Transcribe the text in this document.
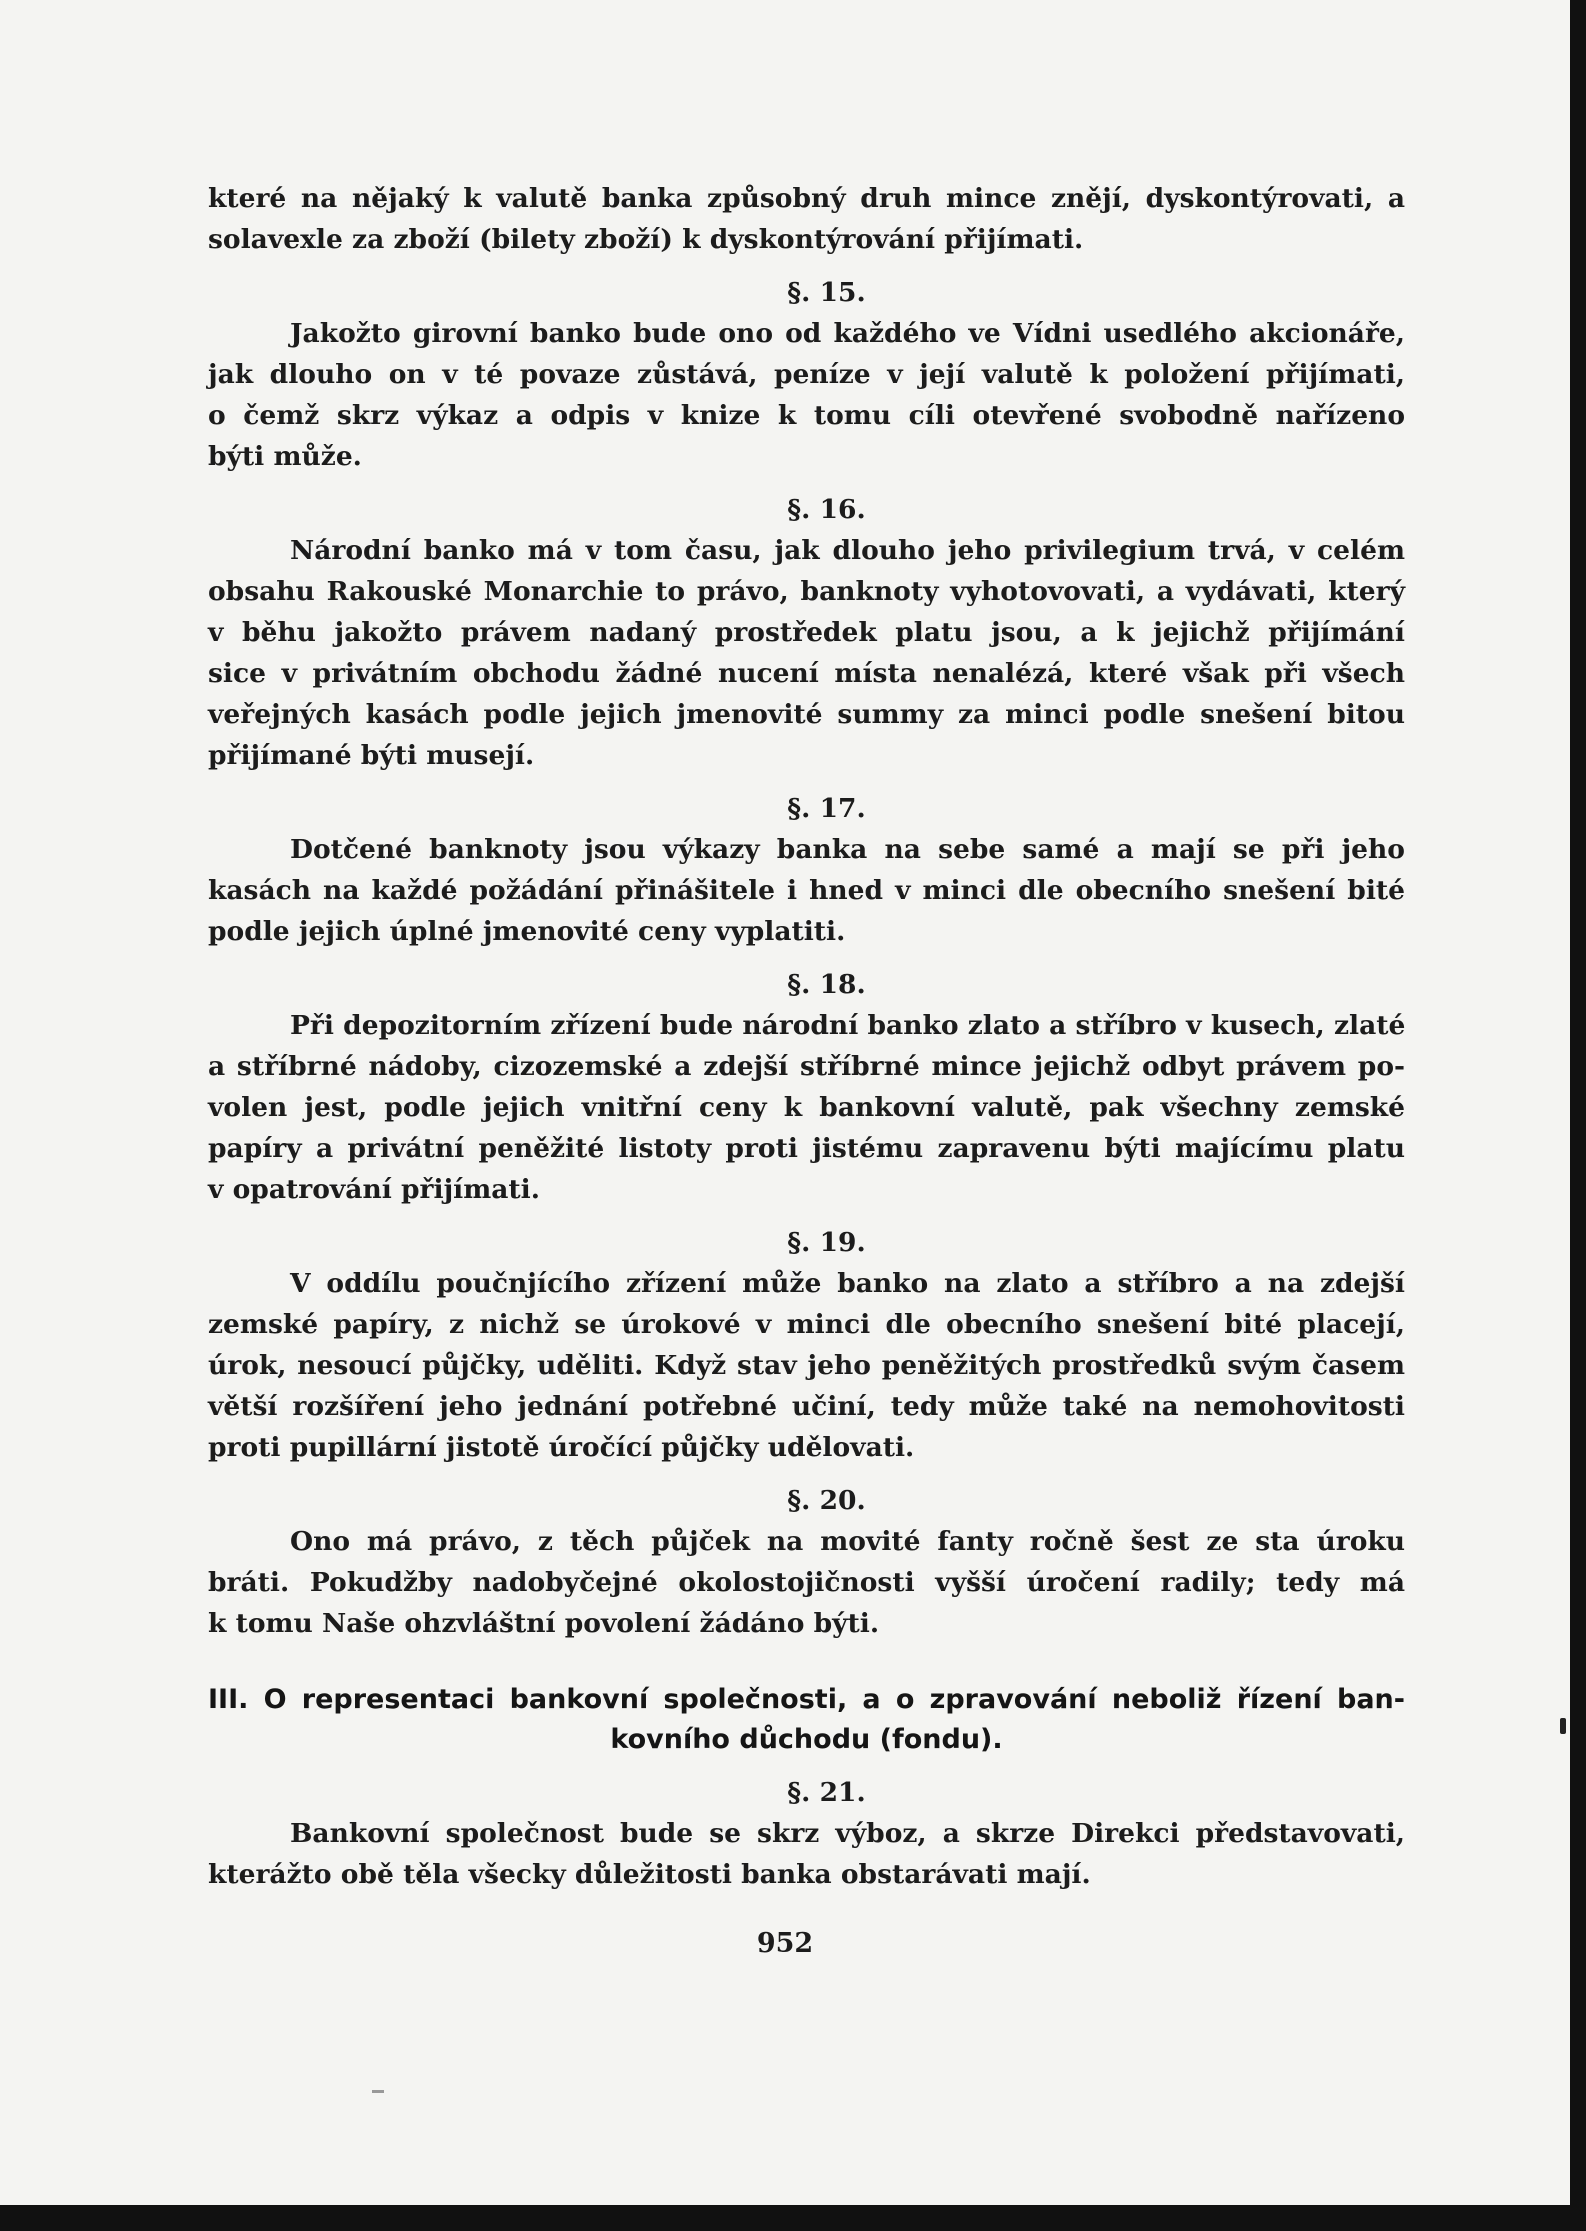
které na nějaký k valutě banka způsobný druh mince znějí, dyskontýrovati, a
solavexle za zboží (bilety zboží) k dyskontýrování přijímati.

§. 15.

Jakožto girovní banko bude ono od každého ve Vídni usedlého akcionáře,
jak dlouho on v té povaze zůstává, peníze v její valutě k položení přijímati,
o čemž skrz výkaz a odpis v knize k tomu cíli otevřené svobodně nařízeno
býti může.

§. 16.

Národní banko má v tom času, jak dlouho jeho privilegium trvá, v celém
obsahu Rakouské Monarchie to právo, banknoty vyhotovovati, a vydávati, který
v běhu jakožto právem nadaný prostředek platu jsou, a k jejichž přijímání
sice v privátním obchodu žádné nucení místa nenalézá, které však při všech
veřejných kasách podle jejich jmenovité summy za minci podle snešení bitou
přijímané býti musejí.

§. 17.

Dotčené banknoty jsou výkazy banka na sebe samé a mají se při jeho
kasách na každé požádání přinášitele i hned v minci dle obecního snešení bité
podle jejich úplné jmenovité ceny vyplatiti.

§. 18.

Při depozitorním zřízení bude národní banko zlato a stříbro v kusech, zlaté
a stříbrné nádoby, cizozemské a zdejší stříbrné mince jejichž odbyt právem po-
volen jest, podle jejich vnitřní ceny k bankovní valutě, pak všechny zemské
papíry a privátní peněžité listoty proti jistému zapravenu býti majícímu platu
v opatrování přijímati.

§. 19.

V oddílu poučnjícího zřízení může banko na zlato a stříbro a na zdejší
zemské papíry, z nichž se úrokové v minci dle obecního snešení bité placejí,
úrok, nesoucí půjčky, uděliti. Když stav jeho peněžitých prostředků svým časem
větší rozšíření jeho jednání potřebné učiní, tedy může také na nemohovitosti
proti pupillární jistotě úročící půjčky udělovati.

§. 20.

Ono má právo, z těch půjček na movité fanty ročně šest ze sta úroku
bráti. Pokudžby nadobyčejné okolostojičnosti vyšší úročení radily; tedy má
k tomu Naše ohzvláštní povolení žádáno býti.

III. O representaci bankovní společnosti, a o zpravování neboliž řízení ban-
kovního důchodu (fondu).
§. 21.

Bankovní společnost bude se skrz výboz, a skrze Direkci představovati,
kterážto obě těla všecky důležitosti banka obstarávati mají.

952
